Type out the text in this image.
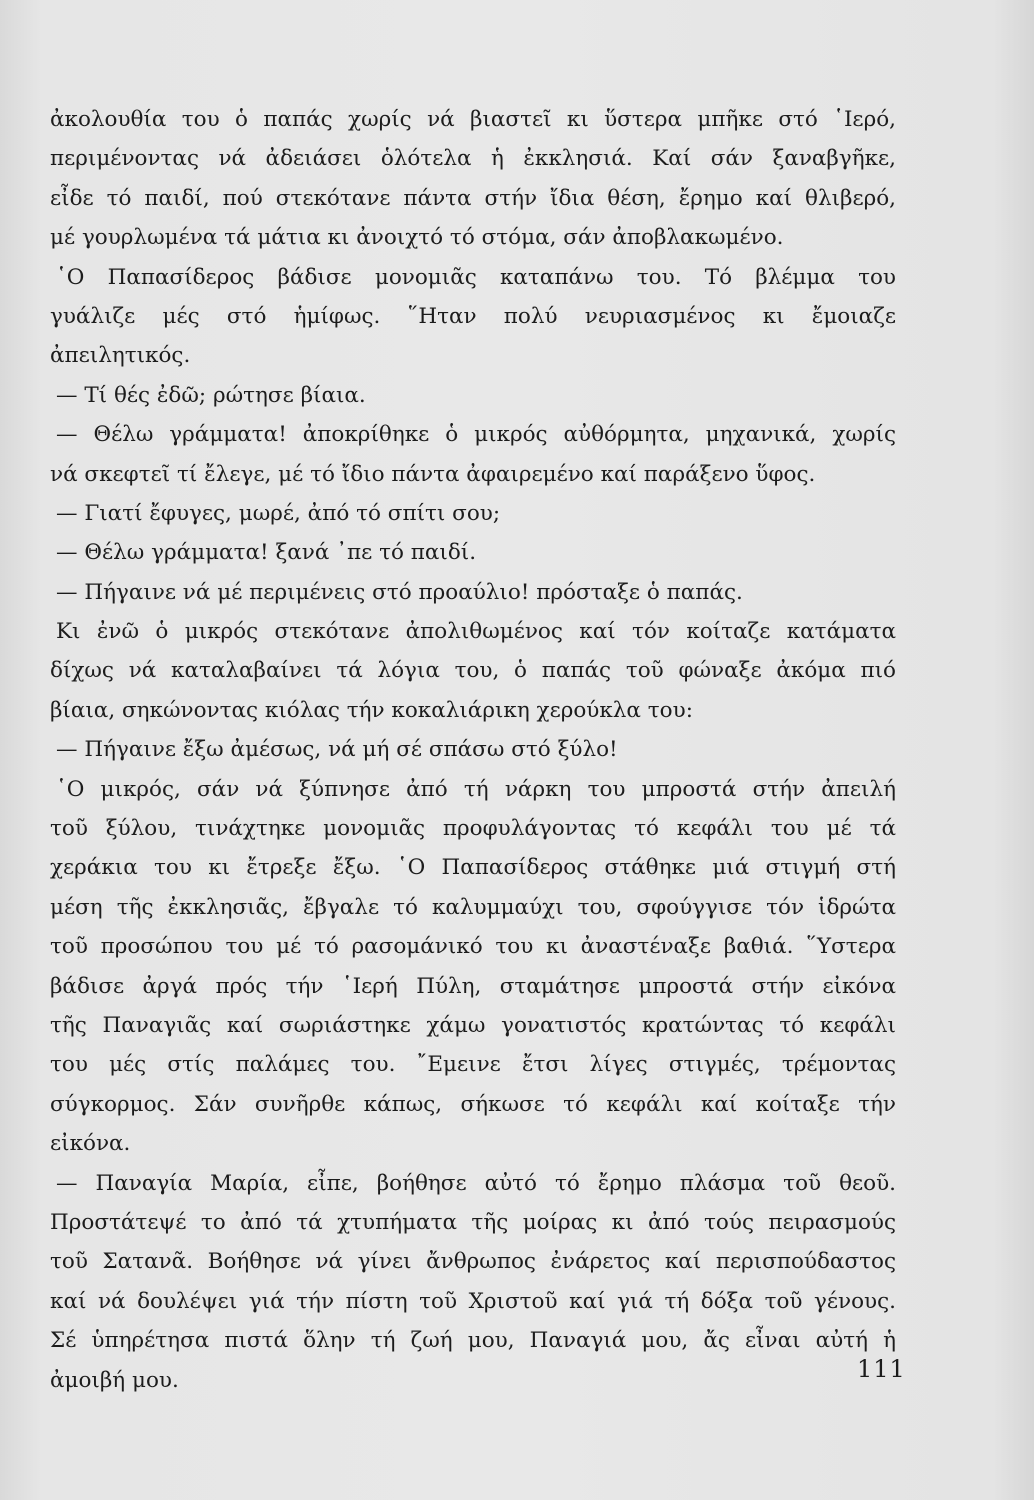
ἀκολουθία του ὁ παπάς χωρίς νά βιαστεῖ κι ὕστερα μπῆκε στό ῾Ιερό,
περιμένοντας νά ἀδειάσει ὁλότελα ἡ ἐκκλησιά. Καί σάν ξαναβγῆκε,
εἶδε τό παιδί, πού στεκότανε πάντα στήν ἴδια θέση, ἔρημο καί θλιβερό,
μέ γουρλωμένα τά μάτια κι ἀνοιχτό τό στόμα, σάν ἀποβλακωμένο.
῾Ο Παπασίδερος βάδισε μονομιᾶς καταπάνω του. Τό βλέμμα του
γυάλιζε μές στό ἡμίφως. ῞Ηταν πολύ νευριασμένος κι ἔμοιαζε
ἀπειλητικός.
— Τί θές ἐδῶ; ρώτησε βίαια.
— Θέλω γράμματα! ἀποκρίθηκε ὁ μικρός αὐθόρμητα, μηχανικά, χωρίς
νά σκεφτεῖ τί ἔλεγε, μέ τό ἴδιο πάντα ἀφαιρεμένο καί παράξενο ὕφος.
— Γιατί ἔφυγες, μωρέ, ἀπό τό σπίτι σου;
— Θέλω γράμματα! ξανά ᾿πε τό παιδί.
— Πήγαινε νά μέ περιμένεις στό προαύλιο! πρόσταξε ὁ παπάς.
Κι ἐνῶ ὁ μικρός στεκότανε ἀπολιθωμένος καί τόν κοίταζε κατάματα
δίχως νά καταλαβαίνει τά λόγια του, ὁ παπάς τοῦ φώναξε ἀκόμα πιό
βίαια, σηκώνοντας κιόλας τήν κοκαλιάρικη χερούκλα του:
— Πήγαινε ἔξω ἀμέσως, νά μή σέ σπάσω στό ξύλο!
῾Ο μικρός, σάν νά ξύπνησε ἀπό τή νάρκη του μπροστά στήν ἀπειλή
τοῦ ξύλου, τινάχτηκε μονομιᾶς προφυλάγοντας τό κεφάλι του μέ τά
χεράκια του κι ἔτρεξε ἔξω. ῾Ο Παπασίδερος στάθηκε μιά στιγμή στή
μέση τῆς ἐκκλησιᾶς, ἔβγαλε τό καλυμμαύχι του, σφούγγισε τόν ἱδρώτα
τοῦ προσώπου του μέ τό ρασομάνικό του κι ἀναστέναξε βαθιά. ῞Υστερα
βάδισε ἀργά πρός τήν ῾Ιερή Πύλη, σταμάτησε μπροστά στήν εἰκόνα
τῆς Παναγιᾶς καί σωριάστηκε χάμω γονατιστός κρατώντας τό κεφάλι
του μές στίς παλάμες του. ῎Εμεινε ἔτσι λίγες στιγμές, τρέμοντας
σύγκορμος. Σάν συνῆρθε κάπως, σήκωσε τό κεφάλι καί κοίταξε τήν
εἰκόνα.
— Παναγία Μαρία, εἶπε, βοήθησε αὐτό τό ἔρημο πλάσμα τοῦ θεοῦ.
Προστάτεψέ το ἀπό τά χτυπήματα τῆς μοίρας κι ἀπό τούς πειρασμούς
τοῦ Σατανᾶ. Βοήθησε νά γίνει ἄνθρωπος ἐνάρετος καί περισπούδαστος
καί νά δουλέψει γιά τήν πίστη τοῦ Χριστοῦ καί γιά τή δόξα τοῦ γένους.
Σέ ὑπηρέτησα πιστά ὅλην τή ζωή μου, Παναγιά μου, ἄς εἶναι αὐτή ἡ
ἀμοιβή μου.	111
